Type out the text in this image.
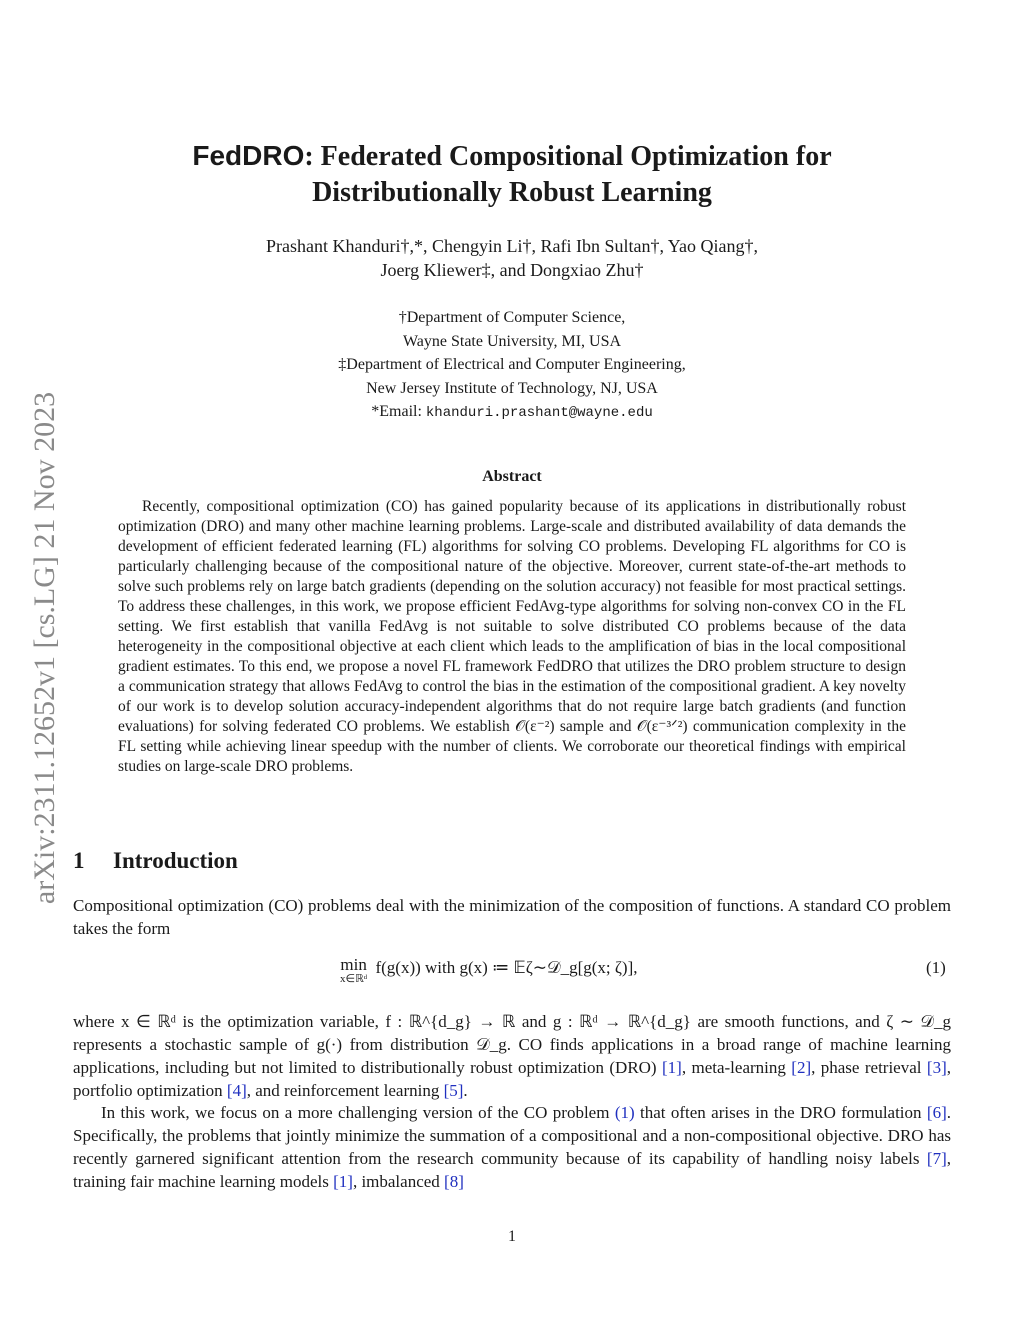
arXiv:2311.12652v1 [cs.LG] 21 Nov 2023
FedDRO: Federated Compositional Optimization for
Distributionally Robust Learning
Prashant Khanduri†,*, Chengyin Li†, Rafi Ibn Sultan†, Yao Qiang†,
Joerg Kliewer‡, and Dongxiao Zhu†
†Department of Computer Science,
Wayne State University, MI, USA
‡Department of Electrical and Computer Engineering,
New Jersey Institute of Technology, NJ, USA
*Email: khanduri.prashant@wayne.edu
Abstract

Recently, compositional optimization (CO) has gained popularity because of its applications in distributionally robust optimization (DRO) and many other machine learning problems. Large-scale and distributed availability of data demands the development of efficient federated learning (FL) algorithms for solving CO problems. Developing FL algorithms for CO is particularly challenging because of the compositional nature of the objective. Moreover, current state-of-the-art methods to solve such problems rely on large batch gradients (depending on the solution accuracy) not feasible for most practical settings. To address these challenges, in this work, we propose efficient FedAvg-type algorithms for solving non-convex CO in the FL setting. We first establish that vanilla FedAvg is not suitable to solve distributed CO problems because of the data heterogeneity in the compositional objective at each client which leads to the amplification of bias in the local compositional gradient estimates. To this end, we propose a novel FL framework FedDRO that utilizes the DRO problem structure to design a communication strategy that allows FedAvg to control the bias in the estimation of the compositional gradient. A key novelty of our work is to develop solution accuracy-independent algorithms that do not require large batch gradients (and function evaluations) for solving federated CO problems. We establish 𝒪(ε⁻²) sample and 𝒪(ε⁻³ᐟ²) communication complexity in the FL setting while achieving linear speedup with the number of clients. We corroborate our theoretical findings with empirical studies on large-scale DRO problems.

1 Introduction

Compositional optimization (CO) problems deal with the minimization of the composition of functions. A standard CO problem takes the form

min
x∈ℝᵈ
f(g(x)) with g(x) ≔ 𝔼ζ∼𝒟_g[g(x; ζ)],	(1)

where x ∈ ℝᵈ is the optimization variable, f : ℝ^{d_g} → ℝ and g : ℝᵈ → ℝ^{d_g} are smooth functions, and ζ ∼ 𝒟_g represents a stochastic sample of g(·) from distribution 𝒟_g. CO finds applications in a broad range of machine learning applications, including but not limited to distributionally robust optimization (DRO) [1], meta-learning [2], phase retrieval [3], portfolio optimization [4], and reinforcement learning [5].

In this work, we focus on a more challenging version of the CO problem (1) that often arises in the DRO formulation [6]. Specifically, the problems that jointly minimize the summation of a compositional and a non-compositional objective. DRO has recently garnered significant attention from the research community because of its capability of handling noisy labels [7], training fair machine learning models [1], imbalanced [8]

1
